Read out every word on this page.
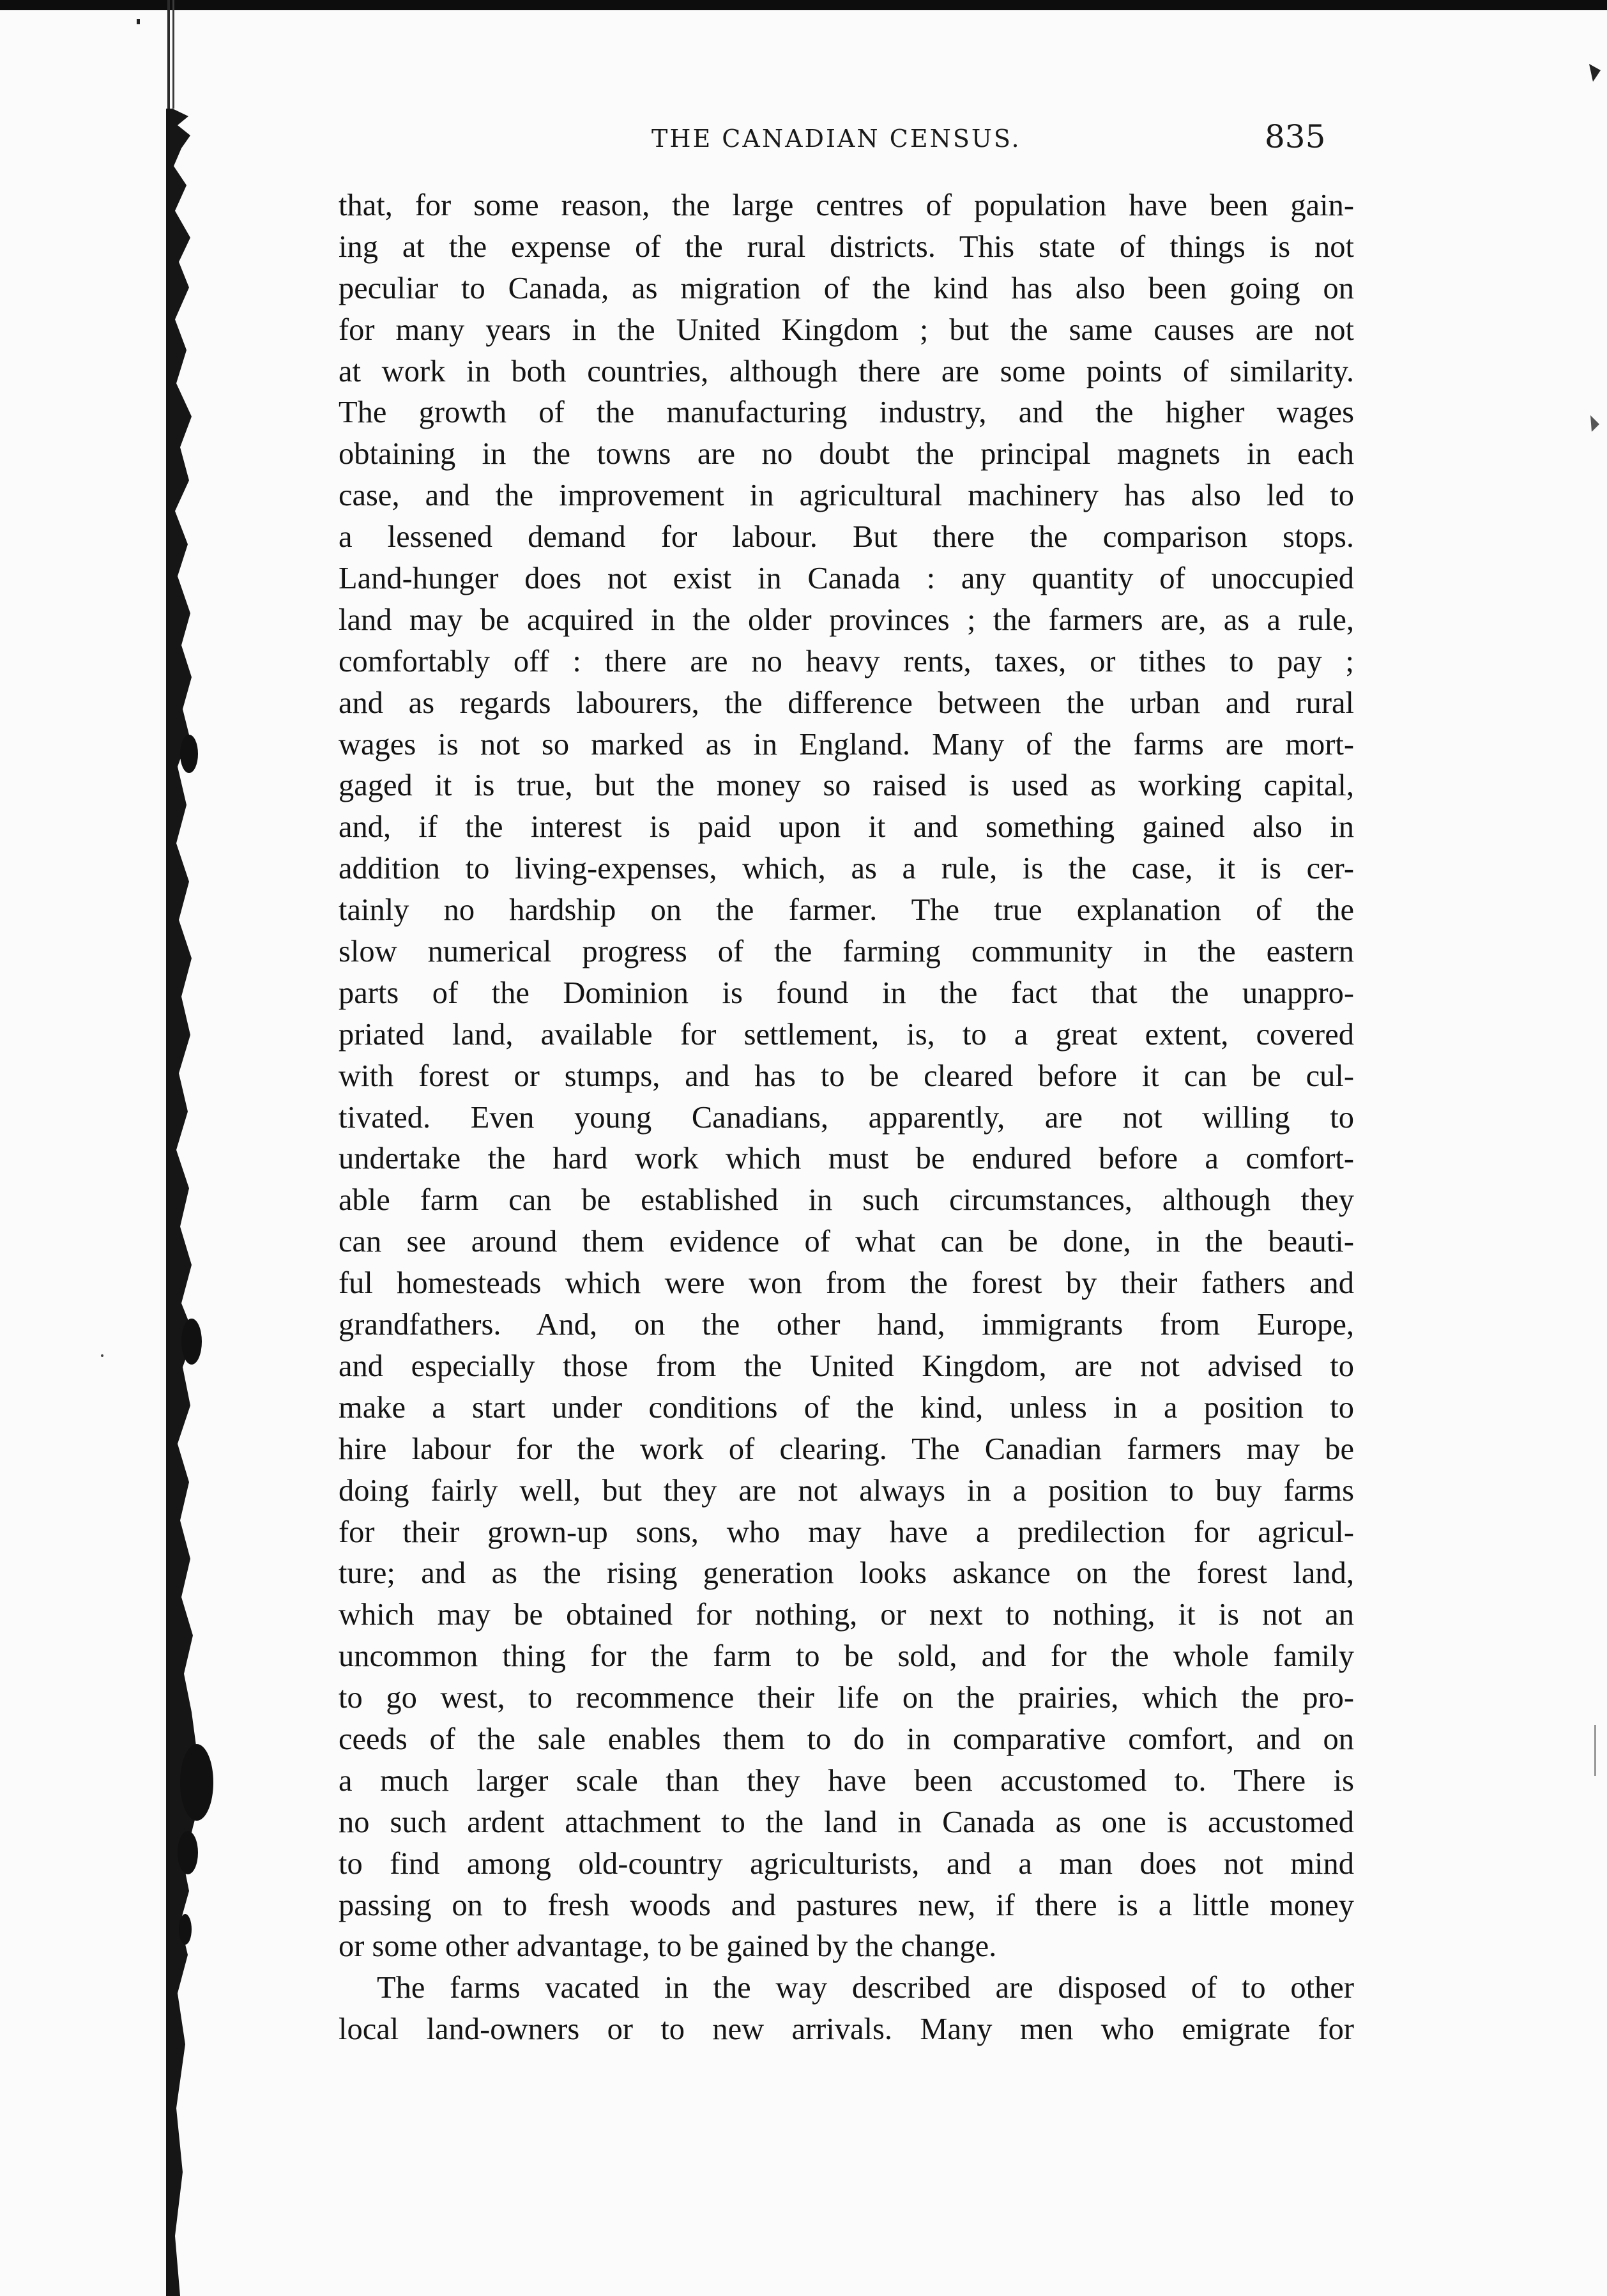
THE CANADIAN CENSUS.	835
that, for some reason, the large centres of population have been gain-
ing at the expense of the rural districts. This state of things is not
peculiar to Canada, as migration of the kind has also been going on
for many years in the United Kingdom ; but the same causes are not
at work in both countries, although there are some points of similarity.
The growth of the manufacturing industry, and the higher wages
obtaining in the towns are no doubt the principal magnets in each
case, and the improvement in agricultural machinery has also led to
a lessened demand for labour. But there the comparison stops.
Land-hunger does not exist in Canada : any quantity of unoccupied
land may be acquired in the older provinces ; the farmers are, as a rule,
comfortably off : there are no heavy rents, taxes, or tithes to pay ;
and as regards labourers, the difference between the urban and rural
wages is not so marked as in England. Many of the farms are mort-
gaged it is true, but the money so raised is used as working capital,
and, if the interest is paid upon it and something gained also in
addition to living-expenses, which, as a rule, is the case, it is cer-
tainly no hardship on the farmer. The true explanation of the
slow numerical progress of the farming community in the eastern
parts of the Dominion is found in the fact that the unappro-
priated land, available for settlement, is, to a great extent, covered
with forest or stumps, and has to be cleared before it can be cul-
tivated. Even young Canadians, apparently, are not willing to
undertake the hard work which must be endured before a comfort-
able farm can be established in such circumstances, although they
can see around them evidence of what can be done, in the beauti-
ful homesteads which were won from the forest by their fathers and
grandfathers. And, on the other hand, immigrants from Europe,
and especially those from the United Kingdom, are not advised to
make a start under conditions of the kind, unless in a position to
hire labour for the work of clearing. The Canadian farmers may be
doing fairly well, but they are not always in a position to buy farms
for their grown-up sons, who may have a predilection for agricul-
ture; and as the rising generation looks askance on the forest land,
which may be obtained for nothing, or next to nothing, it is not an
uncommon thing for the farm to be sold, and for the whole family
to go west, to recommence their life on the prairies, which the pro-
ceeds of the sale enables them to do in comparative comfort, and on
a much larger scale than they have been accustomed to. There is
no such ardent attachment to the land in Canada as one is accustomed
to find among old-country agriculturists, and a man does not mind
passing on to fresh woods and pastures new, if there is a little money
or some other advantage, to be gained by the change.
The farms vacated in the way described are disposed of to other
local land-owners or to new arrivals. Many men who emigrate for
